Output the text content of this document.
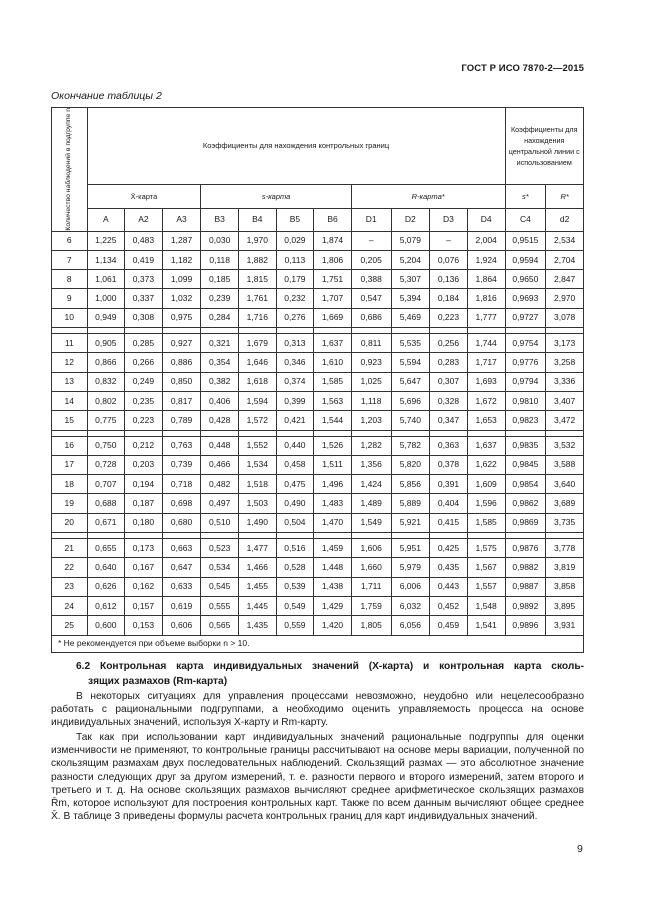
ГОСТ Р ИСО 7870-2—2015
Окончание таблицы 2
Количество наблюдений в подгруппе n	Коэффициенты для нахождения контрольных границ											Коэффициенты для нахождения центральной линии с использованием	
	X̄-карта			s-карта				R-карта*				s*	R*
	A	A2	A3	B3	B4	B5	B6	D1	D2	D3	D4	C4	d2
6	1,225	0,483	1,287	0,030	1,970	0,029	1,874	–	5,079	–	2,004	0,9515	2,534
7	1,134	0,419	1,182	0,118	1,882	0,113	1,806	0,205	5,204	0,076	1,924	0,9594	2,704
8	1,061	0,373	1,099	0,185	1,815	0,179	1,751	0,388	5,307	0,136	1,864	0,9650	2,847
9	1,000	0,337	1,032	0,239	1,761	0,232	1,707	0,547	5,394	0,184	1,816	0,9693	2,970
10	0,949	0,308	0,975	0,284	1,716	0,276	1,669	0,686	5,469	0,223	1,777	0,9727	3,078

11	0,905	0,285	0,927	0,321	1,679	0,313	1,637	0,811	5,535	0,256	1,744	0,9754	3,173
12	0,866	0,266	0,886	0,354	1,646	0,346	1,610	0,923	5,594	0,283	1,717	0,9776	3,258
13	0,832	0,249	0,850	0,382	1,618	0,374	1,585	1,025	5,647	0,307	1,693	0,9794	3,336
14	0,802	0,235	0,817	0,406	1,594	0,399	1,563	1,118	5,696	0,328	1,672	0,9810	3,407
15	0,775	0,223	0,789	0,428	1,572	0,421	1,544	1,203	5,740	0,347	1,653	0,9823	3,472

16	0,750	0,212	0,763	0,448	1,552	0,440	1,526	1,282	5,782	0,363	1,637	0,9835	3,532
17	0,728	0,203	0,739	0,466	1,534	0,458	1,511	1,356	5,820	0,378	1,622	0,9845	3,588
18	0,707	0,194	0,718	0,482	1,518	0,475	1,496	1,424	5,856	0,391	1,609	0,9854	3,640
19	0,688	0,187	0,698	0,497	1,503	0,490	1,483	1,489	5,889	0,404	1,596	0,9862	3,689
20	0,671	0,180	0,680	0,510	1,490	0,504	1,470	1,549	5,921	0,415	1,585	0,9869	3,735

21	0,655	0,173	0,663	0,523	1,477	0,516	1,459	1,606	5,951	0,425	1,575	0,9876	3,778
22	0,640	0,167	0,647	0,534	1,466	0,528	1,448	1,660	5,979	0,435	1,567	0,9882	3,819
23	0,626	0,162	0,633	0,545	1,455	0,539	1,438	1,711	6,006	0,443	1,557	0,9887	3,858
24	0,612	0,157	0,619	0,555	1,445	0,549	1,429	1,759	6,032	0,452	1,548	0,9892	3,895
25	0,600	0,153	0,606	0,565	1,435	0,559	1,420	1,805	6,056	0,459	1,541	0,9896	3,931
* Не рекомендуется при объеме выборки n > 10.													
6.2 Контрольная карта индивидуальных значений (X-карта) и контрольная карта сколь-
зящих размахов (Rm-карта)
В некоторых ситуациях для управления процессами невозможно, неудобно или нецелесообразно работать с рациональными подгруппами, а необходимо оценить управляемость процесса на основе индивидуальных значений, используя X-карту и Rm-карту.
Так как при использовании карт индивидуальных значений рациональные подгруппы для оценки изменчивости не применяют, то контрольные границы рассчитывают на основе меры вариации, полученной по скользящим размахам двух последовательных наблюдений. Скользящий размах — это абсолютное значение разности следующих друг за другом измерений, т. е. разности первого и второго измерений, затем второго и третьего и т. д. На основе скользящих размахов вычисляют среднее арифметическое скользящих размахов R̄m, которое используют для построения контрольных карт. Также по всем данным вычисляют общее среднее X̄. В таблице 3 приведены формулы расчета контрольных границ для карт индивидуальных значений.
9
